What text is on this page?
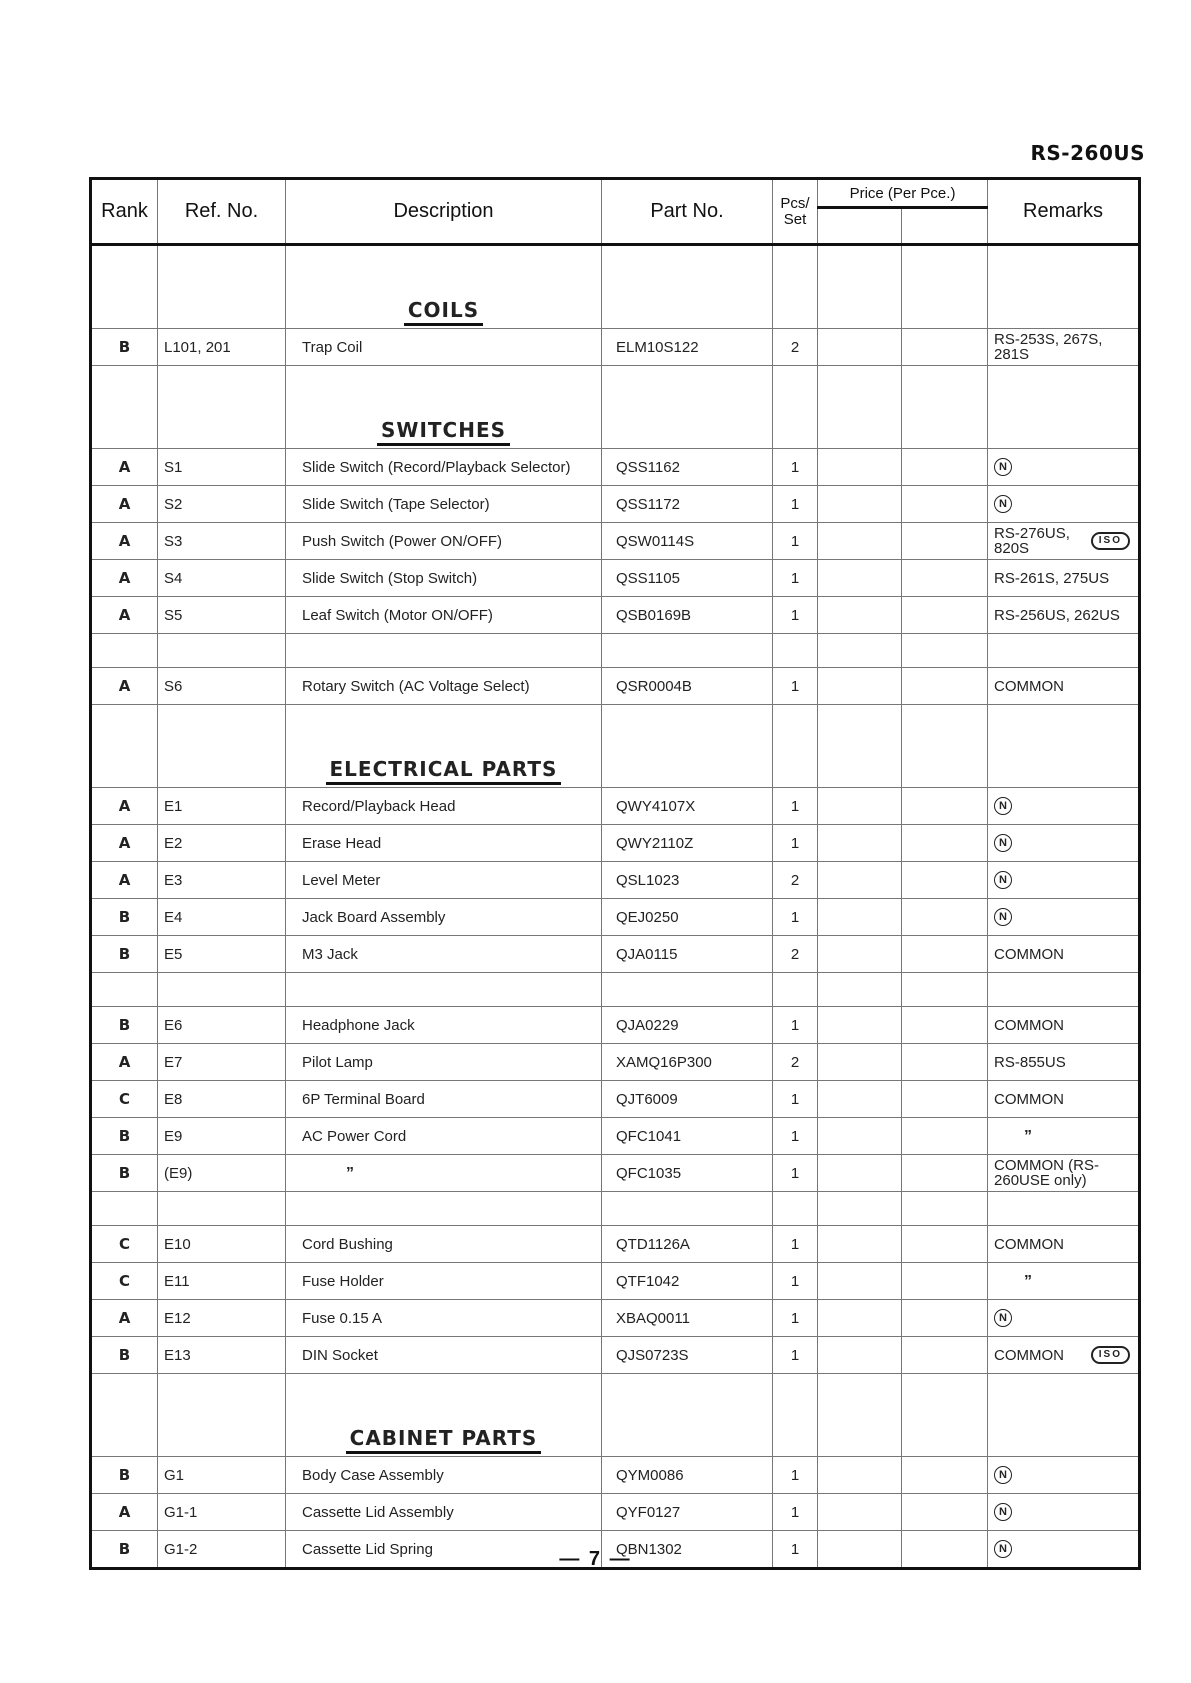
RS-260US
Rank	Ref. No.	Description	Part No.	Pcs/
Set	Price (Per Pce.)		Remarks

		COILS					
B	L101, 201	Trap Coil	ELM10S122	2			RS-253S, 267S, 281S
		SWITCHES					
A	S1	Slide Switch (Record/Playback Selector)	QSS1162	1			N
A	S2	Slide Switch (Tape Selector)	QSS1172	1			N
A	S3	Push Switch (Power ON/OFF)	QSW0114S	1			RS-276US, 820S ISO

A	S4	Slide Switch (Stop Switch)	QSS1105	1			RS-261S, 275US
A	S5	Leaf Switch (Motor ON/OFF)	QSB0169B	1			RS-256US, 262US

A	S6	Rotary Switch (AC Voltage Select)	QSR0004B	1			COMMON
		ELECTRICAL PARTS					
A	E1	Record/Playback Head	QWY4107X	1			N
A	E2	Erase Head	QWY2110Z	1			N
A	E3	Level Meter	QSL1023	2			N
B	E4	Jack Board Assembly	QEJ0250	1			N
B	E5	M3 Jack	QJA0115	2			COMMON

B	E6	Headphone Jack	QJA0229	1			COMMON
A	E7	Pilot Lamp	XAMQ16P300	2			RS-855US
C	E8	6P Terminal Board	QJT6009	1			COMMON
B	E9	AC Power Cord	QFC1041	1			”
B	(E9)	”	QFC1035	1			COMMON (RS-260USE only)

C	E10	Cord Bushing	QTD1126A	1			COMMON
C	E11	Fuse Holder	QTF1042	1			”
A	E12	Fuse 0.15 A	XBAQ0011	1			N
B	E13	DIN Socket	QJS0723S	1			COMMON ISO

		CABINET PARTS					
B	G1	Body Case Assembly	QYM0086	1			N
A	G1-1	Cassette Lid Assembly	QYF0127	1			N
B	G1-2	Cassette Lid Spring	QBN1302	1			N
— 7 —
